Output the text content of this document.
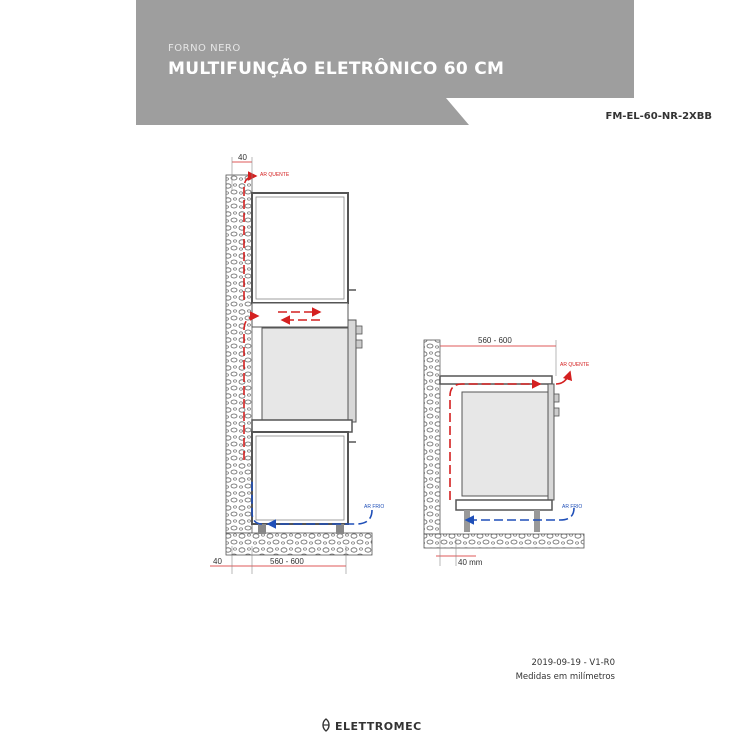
FORNO NERO
MULTIFUNÇÃO ELETRÔNICO 60 CM
FM-EL-60-NR-2XBB
AR QUENTE
AR FRIO
40
40	560 - 600
AR QUENTE
AR FRIO
560 - 600
40 mm
2019-09-19 - V1-R0
Medidas em milímetros
ELETTROMEC
